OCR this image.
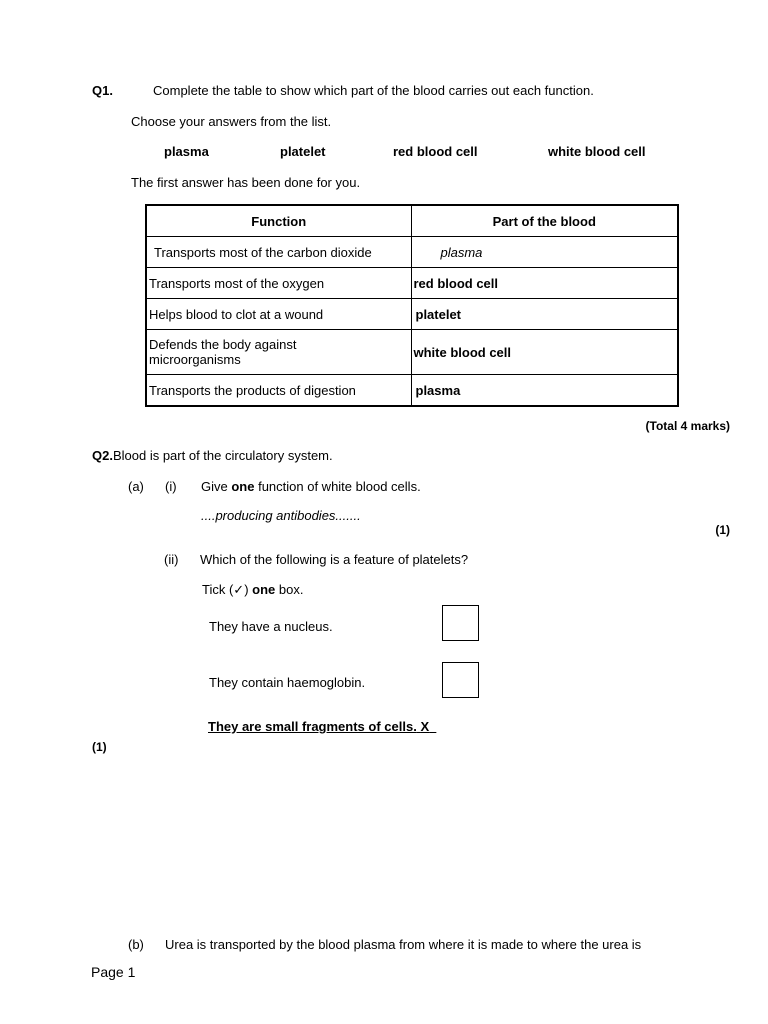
Q1.	Complete the table to show which part of the blood carries out each function.
Choose your answers from the list.
plasma	platelet	red blood cell	white blood cell
The first answer has been done for you.
Function	Part of the blood
Transports most of the carbon dioxide	plasma
Transports most of the oxygen	red blood cell
Helps blood to clot at a wound	platelet
Defends the body against microorganisms	white blood cell
Transports the products of digestion	plasma
(Total 4 marks)
Q2.Blood is part of the circulatory system.
(a) (i) Give one function of white blood cells.
....producing antibodies.......
(1)
(ii) Which of the following is a feature of platelets?
Tick (✓) one box.
They have a nucleus.
They contain haemoglobin.
They are small fragments of cells. X
(1)
(b) Urea is transported by the blood plasma from where it is made to where the urea is
Page 1
